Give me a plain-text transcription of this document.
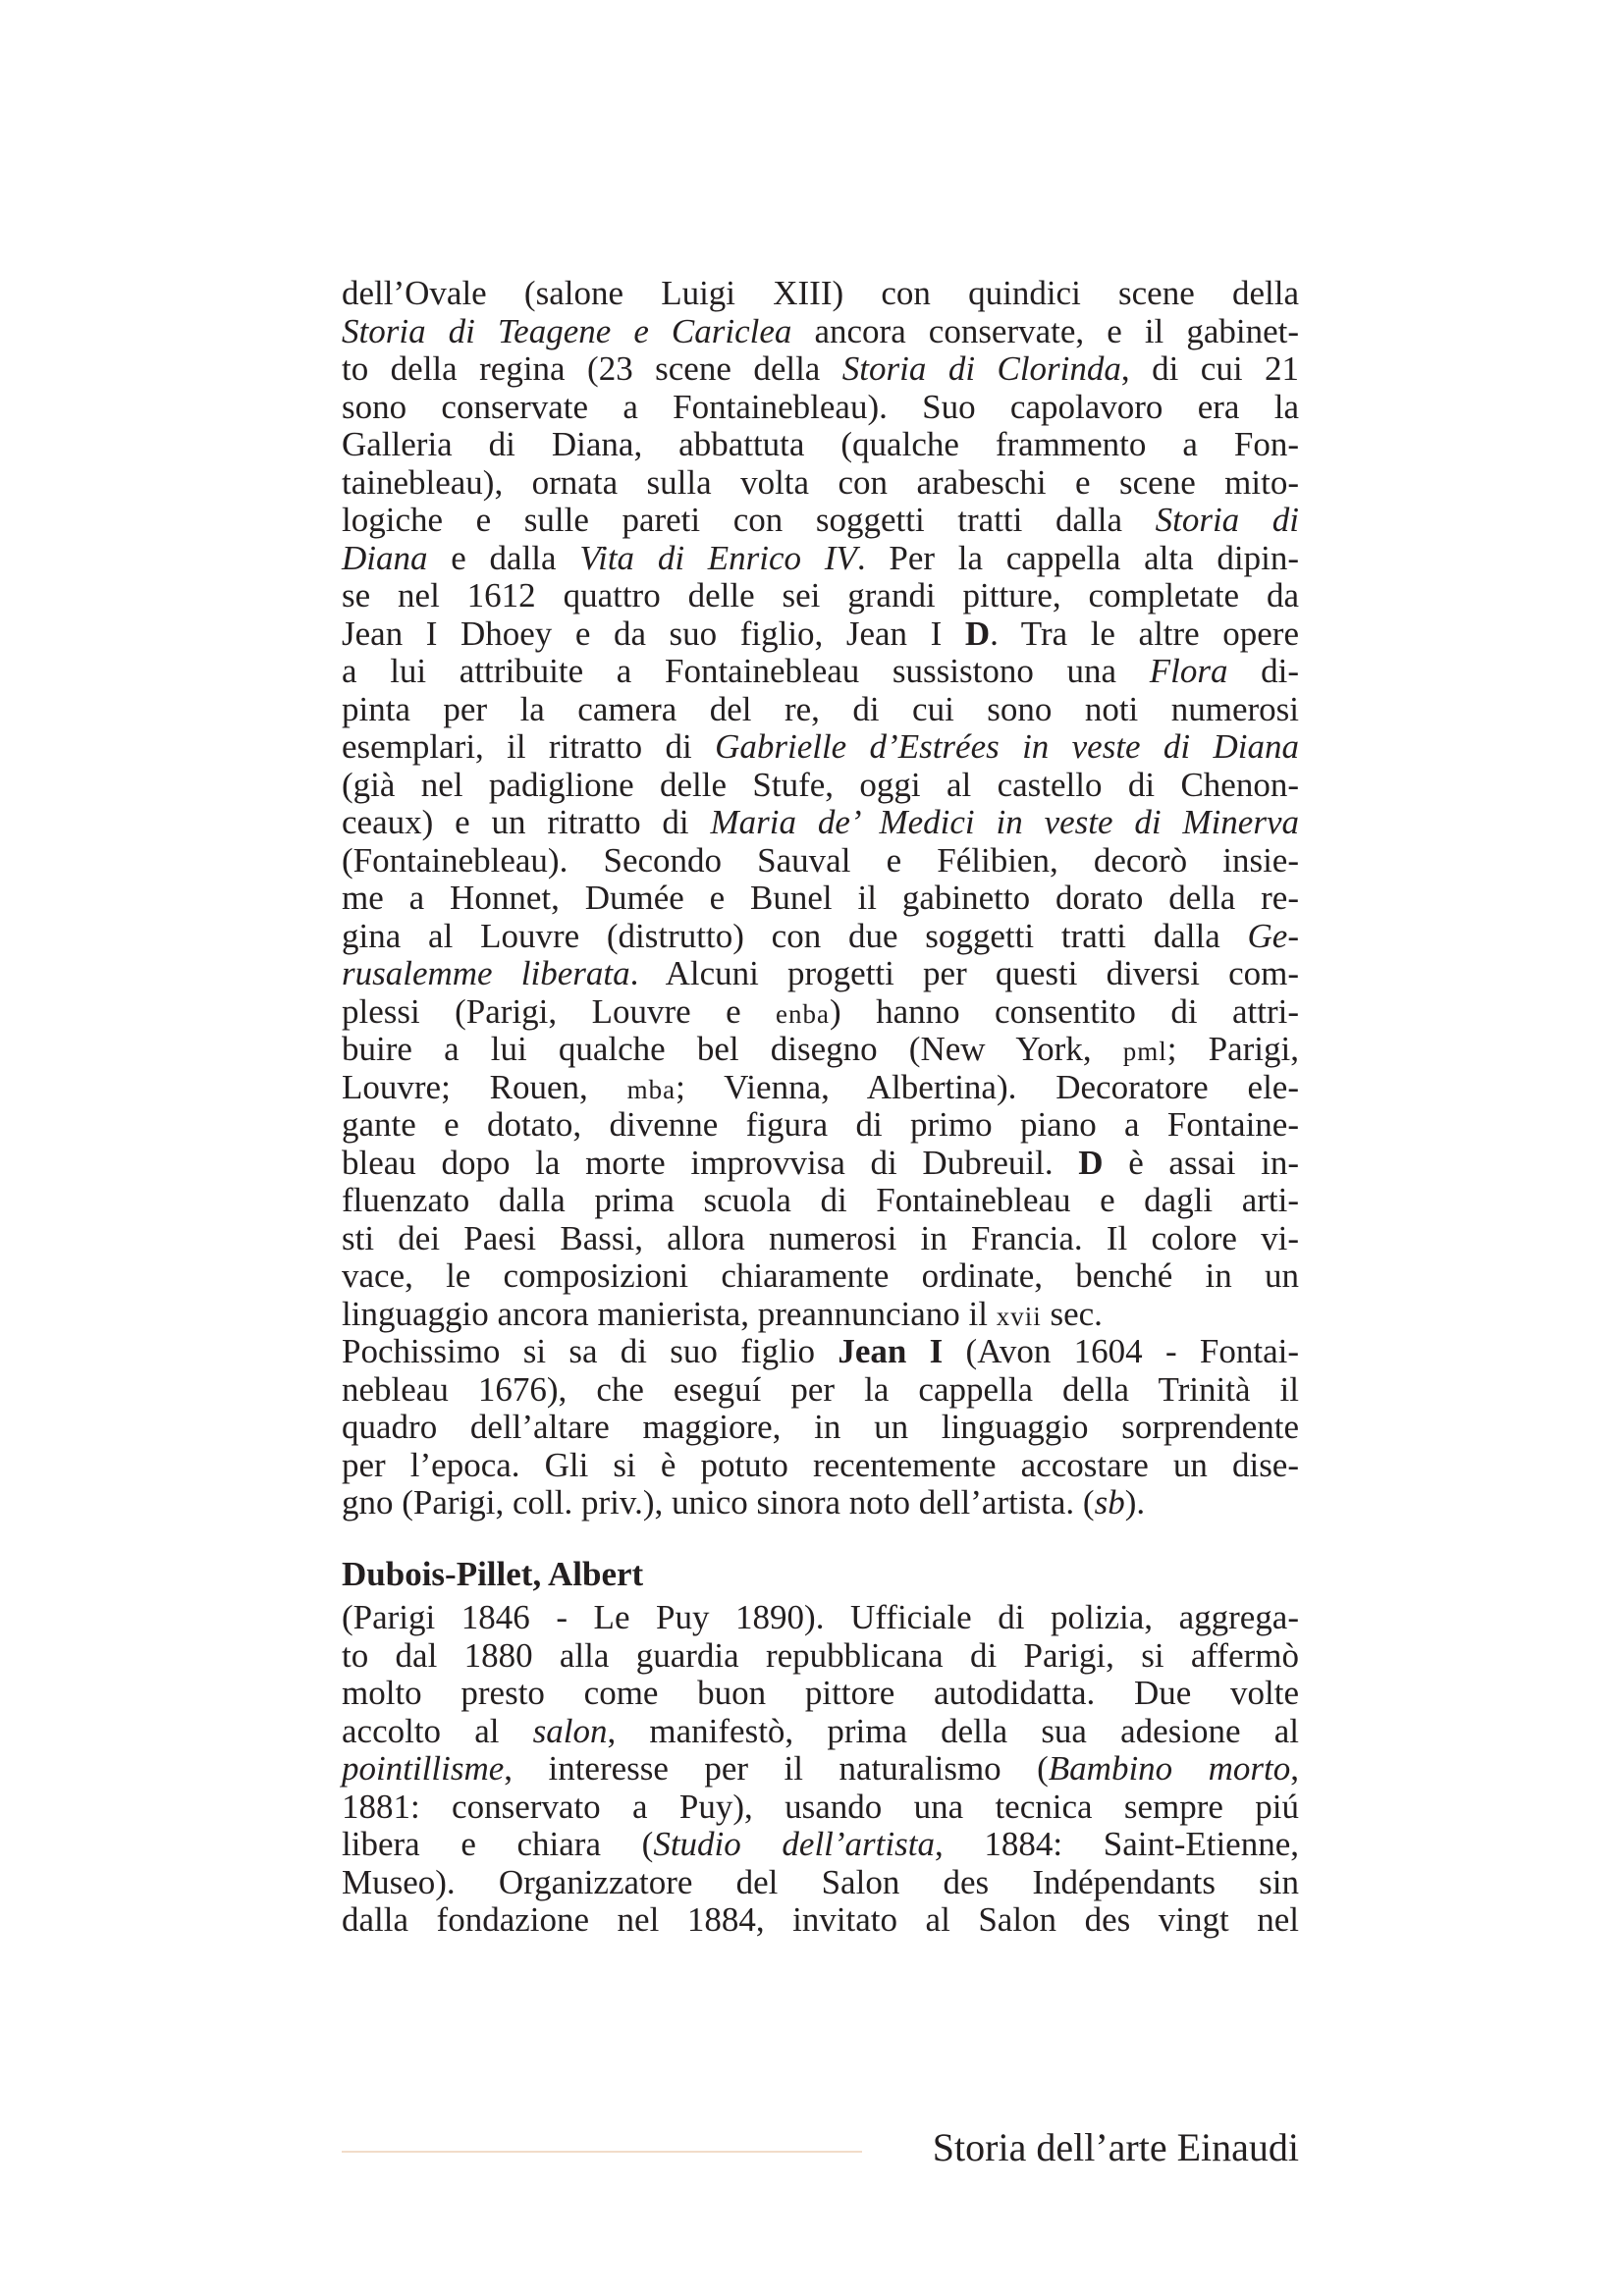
dell’Ovale (salone Luigi XIII) con quindici scene della
Storia di Teagene e Cariclea ancora conservate, e il gabinet-
to della regina (23 scene della Storia di Clorinda, di cui 21
sono conservate a Fontainebleau). Suo capolavoro era la
Galleria di Diana, abbattuta (qualche frammento a Fon-
tainebleau), ornata sulla volta con arabeschi e scene mito-
logiche e sulle pareti con soggetti tratti dalla Storia di
Diana e dalla Vita di Enrico IV. Per la cappella alta dipin-
se nel 1612 quattro delle sei grandi pitture, completate da
Jean I Dhoey e da suo figlio, Jean I D. Tra le altre opere
a lui attribuite a Fontainebleau sussistono una Flora di-
pinta per la camera del re, di cui sono noti numerosi
esemplari, il ritratto di Gabrielle d’Estrées in veste di Diana
(già nel padiglione delle Stufe, oggi al castello di Chenon-
ceaux) e un ritratto di Maria de’ Medici in veste di Minerva
(Fontainebleau). Secondo Sauval e Félibien, decorò insie-
me a Honnet, Dumée e Bunel il gabinetto dorato della re-
gina al Louvre (distrutto) con due soggetti tratti dalla Ge-
rusalemme liberata. Alcuni progetti per questi diversi com-
plessi (Parigi, Louvre e enba) hanno consentito di attri-
buire a lui qualche bel disegno (New York, pml; Parigi,
Louvre; Rouen, mba; Vienna, Albertina). Decoratore ele-
gante e dotato, divenne figura di primo piano a Fontaine-
bleau dopo la morte improvvisa di Dubreuil. D è assai in-
fluenzato dalla prima scuola di Fontainebleau e dagli arti-
sti dei Paesi Bassi, allora numerosi in Francia. Il colore vi-
vace, le composizioni chiaramente ordinate, benché in un
linguaggio ancora manierista, preannunciano il xvii sec.
Pochissimo si sa di suo figlio Jean I (Avon 1604 - Fontai-
nebleau 1676), che eseguí per la cappella della Trinità il
quadro dell’altare maggiore, in un linguaggio sorprendente
per l’epoca. Gli si è potuto recentemente accostare un dise-
gno (Parigi, coll. priv.), unico sinora noto dell’artista. (sb).
Dubois-Pillet, Albert
(Parigi 1846 - Le Puy 1890). Ufficiale di polizia, aggrega-
to dal 1880 alla guardia repubblicana di Parigi, si affermò
molto presto come buon pittore autodidatta. Due volte
accolto al salon, manifestò, prima della sua adesione al
pointillisme, interesse per il naturalismo (Bambino morto,
1881: conservato a Puy), usando una tecnica sempre piú
libera e chiara (Studio dell’artista, 1884: Saint-Etienne,
Museo). Organizzatore del Salon des Indépendants sin
dalla fondazione nel 1884, invitato al Salon des vingt nel
Storia dell’arte Einaudi
